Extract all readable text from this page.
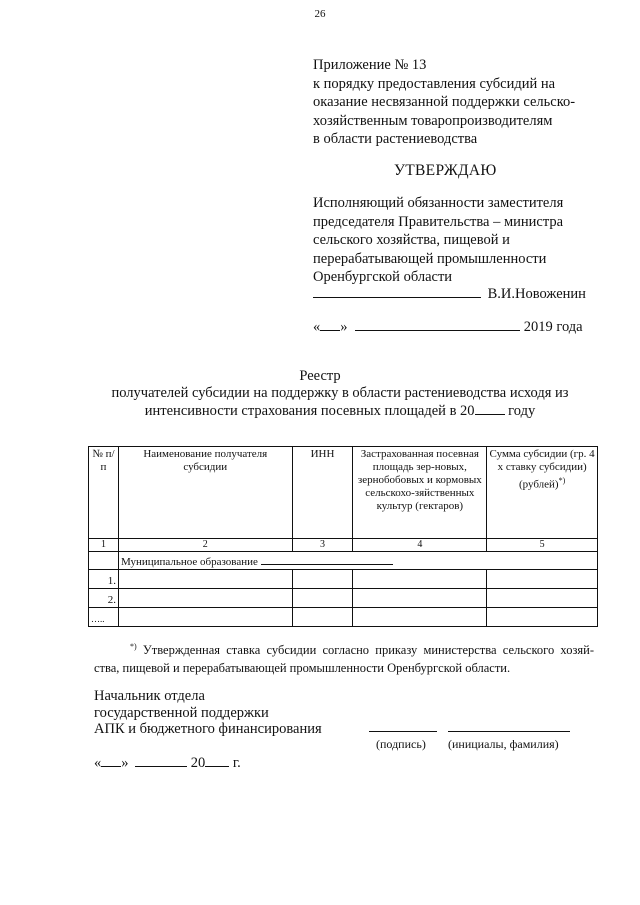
26
Приложение № 13
к порядку предоставления субсидий на
оказание несвязанной поддержки сельско-
хозяйственным товаропроизводителям
в области растениеводства
УТВЕРЖДАЮ
Исполняющий обязанности заместителя
председателя Правительства – министра
сельского хозяйства, пищевой и
перерабатывающей промышленности
Оренбургской области
В.И.Новоженин
« »	2019 года
Реестр
получателей субсидии на поддержку в области растениеводства исходя из
интенсивности страхования посевных площадей в 20 году
№ п/п	Наименование получателя субсидии	ИНН	Застрахованная посевная площадь зер-новых, зернобобовых и кормовых сельскохо-зяйственных культур (гектаров)	Сумма субсидии (гр. 4 х ставку субсидии) (рублей)*)
1	2	3	4	5
	Муниципальное образование			
1.				
2.				
…..				
*) Утвержденная ставка субсидии согласно приказу министерства сельского хозяй-ства, пищевой и перерабатывающей промышленности Оренбургской области.
Начальник отдела
государственной поддержки
АПК и бюджетного финансирования
(подпись) (инициалы, фамилия)
« »	20 г.
